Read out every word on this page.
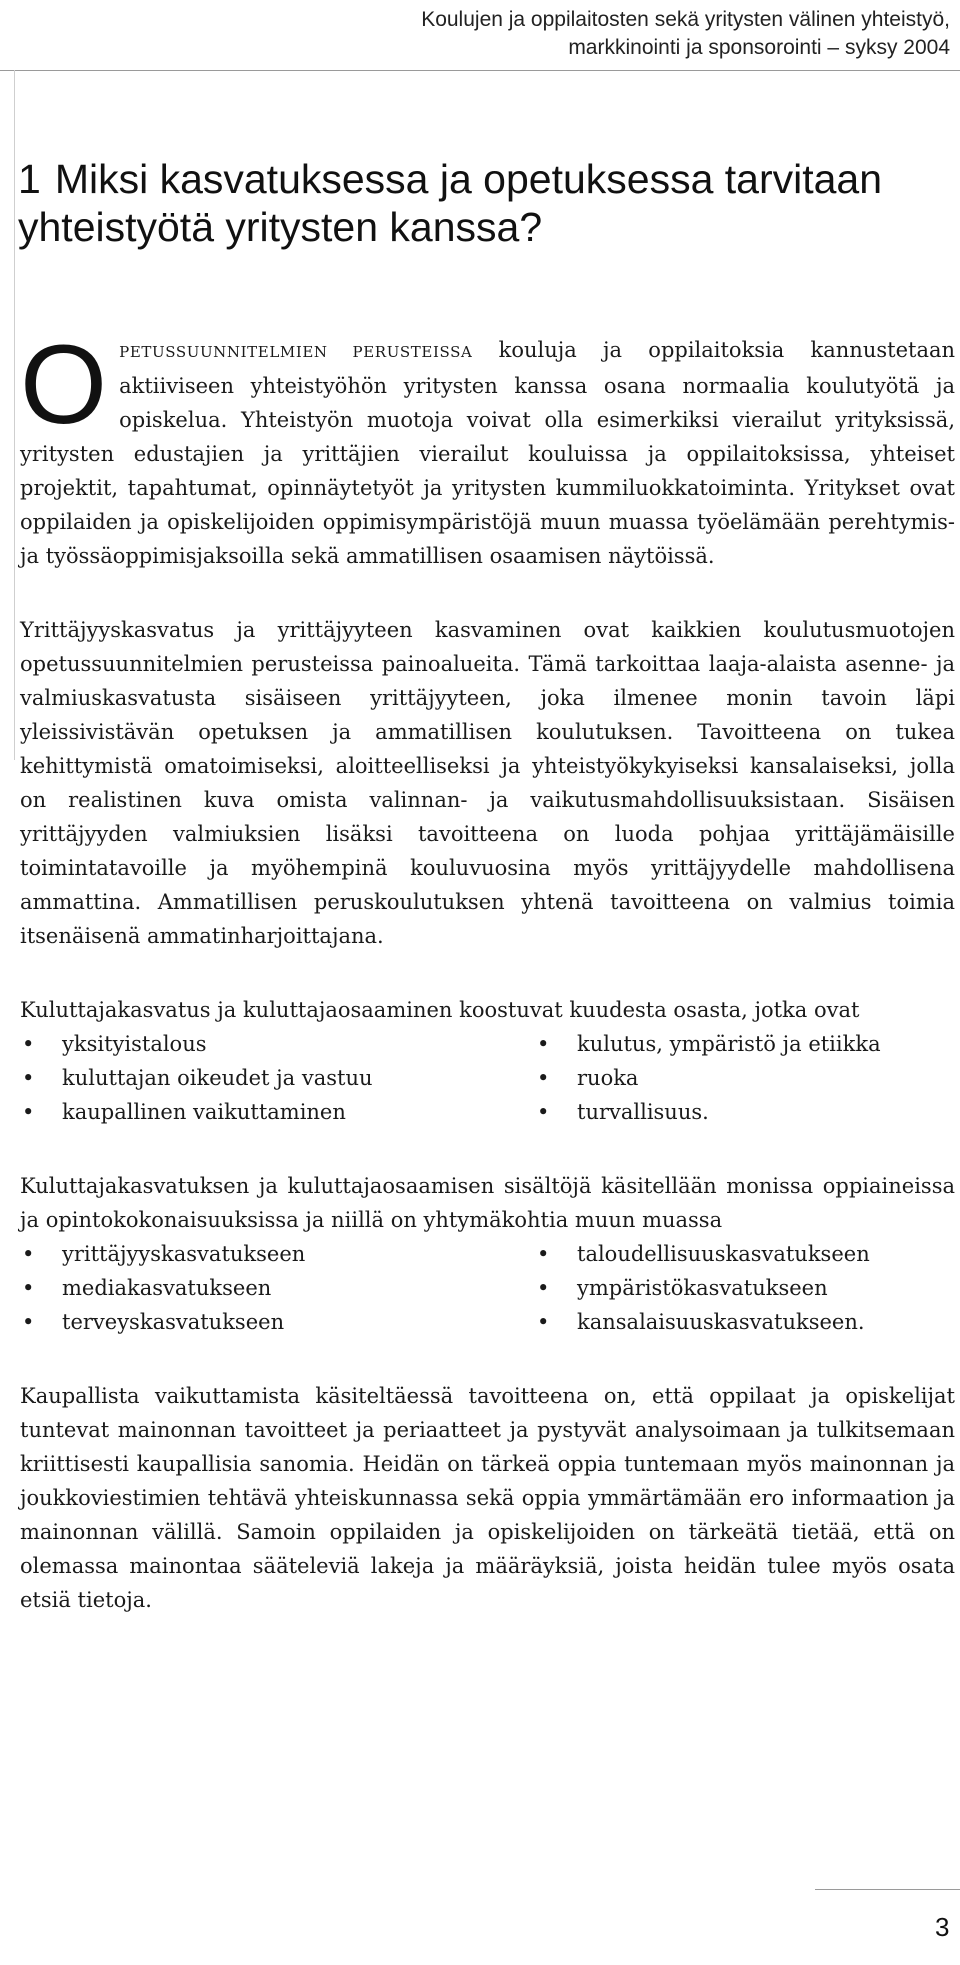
Koulujen ja oppilaitosten sekä yritysten välinen yhteistyö,
markkinointi ja sponsorointi – syksy 2004
1 Miksi kasvatuksessa ja opetuksessa tarvitaan
yhteistyötä yritysten kanssa?

OPETUSSUUNNITELMIEN PERUSTEISSA kouluja ja oppilaitoksia kannustetaan aktiiviseen yhteistyöhön yritysten kanssa osana normaalia koulutyötä ja opiskelua. Yhteistyön muotoja voivat olla esimerkiksi vierailut yrityksissä, yritysten edustajien ja yrittäjien vierailut kouluissa ja oppilaitoksissa, yhteiset projektit, tapahtumat, opinnäytetyöt ja yritysten kummiluokkatoiminta. Yritykset ovat oppilaiden ja opiskelijoiden oppimisympäristöjä muun muassa työelämään perehtymis- ja työssäoppimisjaksoilla sekä ammatillisen osaamisen näytöissä.

Yrittäjyyskasvatus ja yrittäjyyteen kasvaminen ovat kaikkien koulutusmuotojen opetussuunnitelmien perusteissa painoalueita. Tämä tarkoittaa laaja-alaista asenne- ja valmiuskasvatusta sisäiseen yrittäjyyteen, joka ilmenee monin tavoin läpi yleissivistävän opetuksen ja ammatillisen koulutuksen. Tavoitteena on tukea kehittymistä omatoimiseksi, aloitteelliseksi ja yhteistyökykyiseksi kansalaiseksi, jolla on realistinen kuva omista valinnan- ja vaikutusmahdollisuuksistaan. Sisäisen yrittäjyyden valmiuksien lisäksi tavoitteena on luoda pohjaa yrittäjämäisille toimintatavoille ja myöhempinä kouluvuosina myös yrittäjyydelle mahdollisena ammattina. Ammatillisen peruskoulutuksen yhtenä tavoitteena on valmius toimia itsenäisenä ammatinharjoittajana.

Kuluttajakasvatus ja kuluttajaosaaminen koostuvat kuudesta osasta, jotka ovat

• yksityistalous
• kuluttajan oikeudet ja vastuu
• kaupallinen vaikuttaminen
• kulutus, ympäristö ja etiikka
• ruoka
• turvallisuus.

Kuluttajakasvatuksen ja kuluttajaosaamisen sisältöjä käsitellään monissa oppiaineissa ja opintokokonaisuuksissa ja niillä on yhtymäkohtia muun muassa

• yrittäjyyskasvatukseen
• mediakasvatukseen
• terveyskasvatukseen
• taloudellisuuskasvatukseen
• ympäristökasvatukseen
• kansalaisuuskasvatukseen.

Kaupallista vaikuttamista käsiteltäessä tavoitteena on, että oppilaat ja opiskelijat tuntevat mainonnan tavoitteet ja periaatteet ja pystyvät analysoimaan ja tulkitsemaan kriittisesti kaupallisia sanomia. Heidän on tärkeä oppia tuntemaan myös mainonnan ja joukkoviestimien tehtävä yhteiskunnassa sekä oppia ymmärtämään ero informaation ja mainonnan välillä. Samoin oppilaiden ja opiskelijoiden on tärkeätä tietää, että on olemassa mainontaa sääteleviä lakeja ja määräyksiä, joista heidän tulee myös osata etsiä tietoja.

3
